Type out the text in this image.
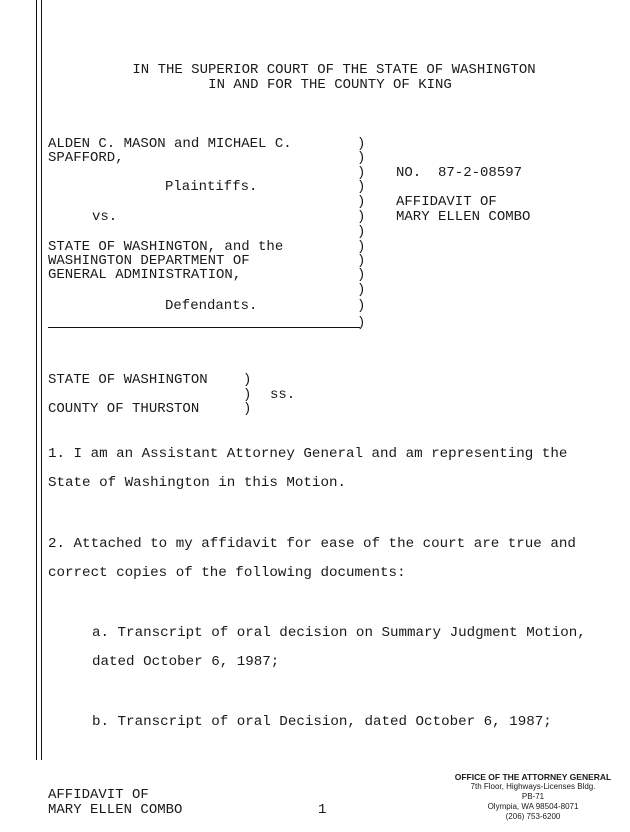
IN THE SUPERIOR COURT OF THE STATE OF WASHINGTON
IN AND FOR THE COUNTY OF KING
ALDEN C. MASON and MICHAEL C.
SPAFFORD,
Plaintiffs.
vs.
STATE OF WASHINGTON, and the
WASHINGTON DEPARTMENT OF
GENERAL ADMINISTRATION,
Defendants.
)
)
)
)
)
)
)
)
)
)
)
)
)
NO.  87-2-08597
AFFIDAVIT OF
MARY ELLEN COMBO
STATE OF WASHINGTON
COUNTY OF THURSTON
)
)
)
ss.
1. I am an Assistant Attorney General and am representing the
State of Washington in this Motion.
2. Attached to my affidavit for ease of the court are true and
correct copies of the following documents:
a. Transcript of oral decision on Summary Judgment Motion,
dated October 6, 1987;
b. Transcript of oral Decision, dated October 6, 1987;
AFFIDAVIT OF
MARY ELLEN COMBO	1
OFFICE OF THE ATTORNEY GENERAL
7th Floor, Highways-Licenses Bldg.
PB-71
Olympia, WA 98504-8071
(206) 753-6200
